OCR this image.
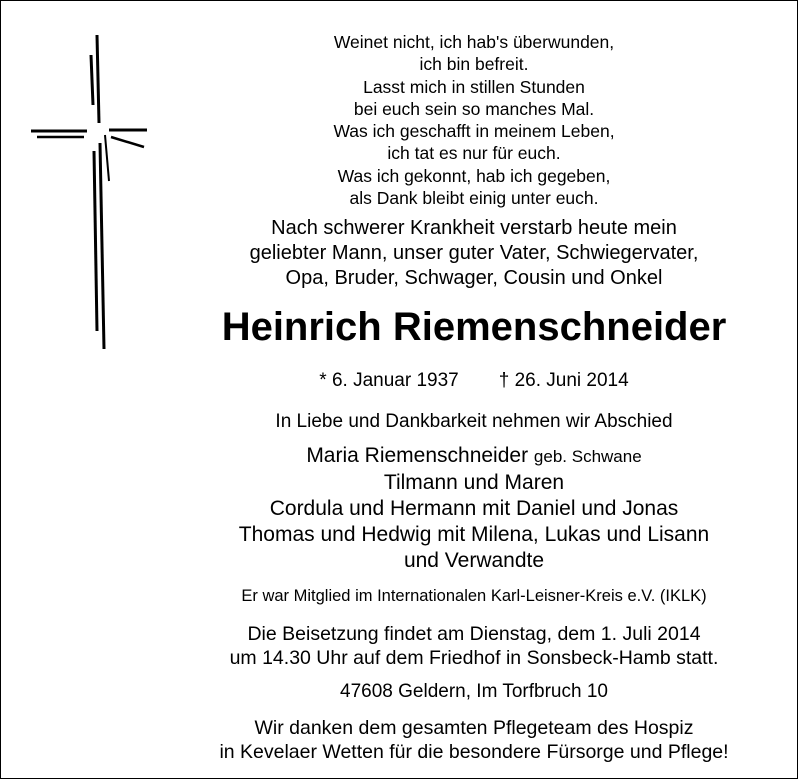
Weinet nicht, ich hab's überwunden,
ich bin befreit.
Lasst mich in stillen Stunden
bei euch sein so manches Mal.
Was ich geschafft in meinem Leben,
ich tat es nur für euch.
Was ich gekonnt, hab ich gegeben,
als Dank bleibt einig unter euch.
Nach schwerer Krankheit verstarb heute mein
geliebter Mann, unser guter Vater, Schwiegervater,
Opa, Bruder, Schwager, Cousin und Onkel
Heinrich Riemenschneider
* 6. Januar 1937 † 26. Juni 2014
In Liebe und Dankbarkeit nehmen wir Abschied
Maria Riemenschneider geb. Schwane
Tilmann und Maren
Cordula und Hermann mit Daniel und Jonas
Thomas und Hedwig mit Milena, Lukas und Lisann
und Verwandte
Er war Mitglied im Internationalen Karl-Leisner-Kreis e.V. (IKLK)
Die Beisetzung findet am Dienstag, dem 1. Juli 2014
um 14.30 Uhr auf dem Friedhof in Sonsbeck-Hamb statt.
47608 Geldern, Im Torfbruch 10
Wir danken dem gesamten Pflegeteam des Hospiz
in Kevelaer Wetten für die besondere Fürsorge und Pflege!
